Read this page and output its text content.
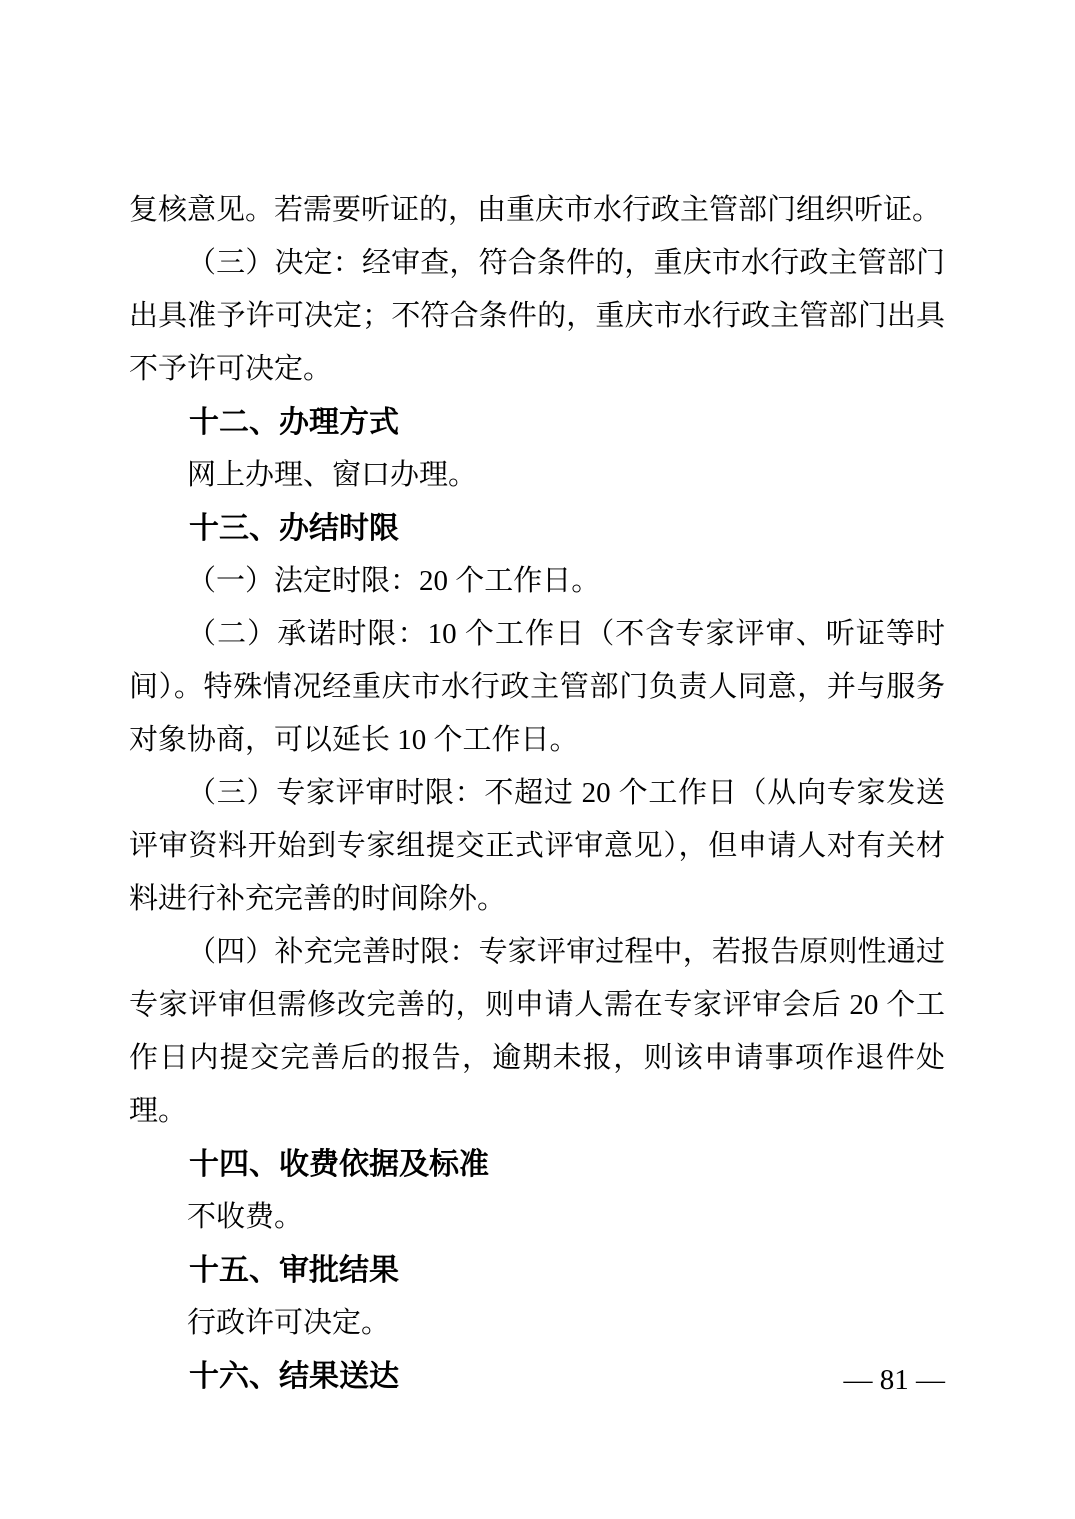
复核意见。若需要听证的，由重庆市水行政主管部门组织听证。

（三）决定：经审查，符合条件的，重庆市水行政主管部门出具准予许可决定；不符合条件的，重庆市水行政主管部门出具不予许可决定。

十二、办理方式

网上办理、窗口办理。

十三、办结时限

（一）法定时限：20 个工作日。

（二）承诺时限：10 个工作日（不含专家评审、听证等时间）。特殊情况经重庆市水行政主管部门负责人同意，并与服务对象协商，可以延长 10 个工作日。

（三）专家评审时限：不超过 20 个工作日（从向专家发送评审资料开始到专家组提交正式评审意见），但申请人对有关材料进行补充完善的时间除外。

（四）补充完善时限：专家评审过程中，若报告原则性通过专家评审但需修改完善的，则申请人需在专家评审会后 20 个工作日内提交完善后的报告，逾期未报，则该申请事项作退件处理。

十四、收费依据及标准

不收费。

十五、审批结果

行政许可决定。

十六、结果送达	— 81 —
